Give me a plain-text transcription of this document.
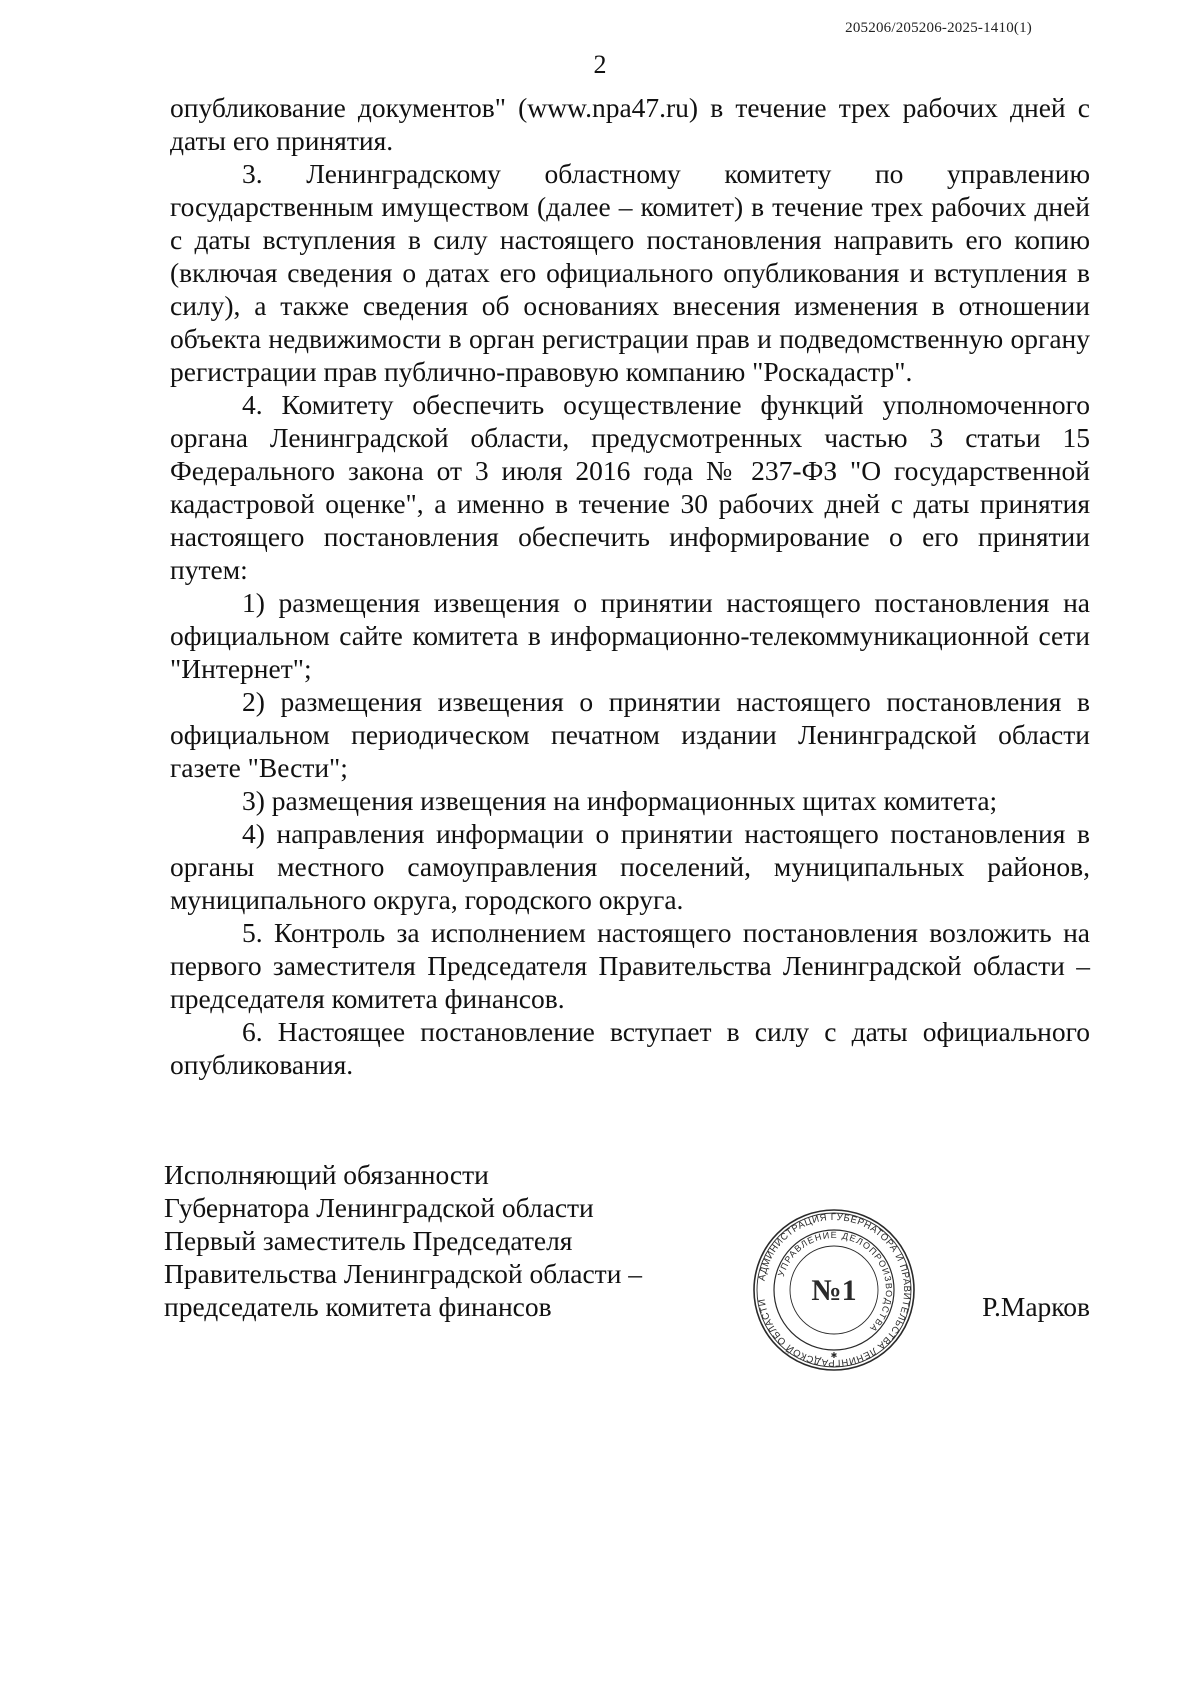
205206/205206-2025-1410(1)
2

опубликование документов" (www.npa47.ru) в течение трех рабочих дней с даты его принятия.

3. Ленинградскому областному комитету по управлению государственным имуществом (далее – комитет) в течение трех рабочих дней с даты вступления в силу настоящего постановления направить его копию (включая сведения о датах его официального опубликования и вступления в силу), а также сведения об основаниях внесения изменения в отношении объекта недвижимости в орган регистрации прав и подведомственную органу регистрации прав публично-правовую компанию "Роскадастр".

4. Комитету обеспечить осуществление функций уполномоченного органа Ленинградской области, предусмотренных частью 3 статьи 15 Федерального закона от 3 июля 2016 года № 237-ФЗ "О государственной кадастровой оценке", а именно в течение 30 рабочих дней с даты принятия настоящего постановления обеспечить информирование о его принятии путем:

1) размещения извещения о принятии настоящего постановления на официальном сайте комитета в информационно-телекоммуникационной сети "Интернет";

2) размещения извещения о принятии настоящего постановления в официальном периодическом печатном издании Ленинградской области газете "Вести";

3) размещения извещения на информационных щитах комитета;

4) направления информации о принятии настоящего постановления в органы местного самоуправления поселений, муниципальных районов, муниципального округа, городского округа.

5. Контроль за исполнением настоящего постановления возложить на первого заместителя Председателя Правительства Ленинградской области – председателя комитета финансов.

6. Настоящее постановление вступает в силу с даты официального опубликования.

Исполняющий обязанности
Губернатора Ленинградской области
Первый заместитель Председателя
Правительства Ленинградской области –
председатель комитета финансов
АДМИНИСТРАЦИЯ ГУБЕРНАТОРА И ПРАВИТЕЛЬСТВА ЛЕНИНГРАДСКОЙ ОБЛАСТИ
УПРАВЛЕНИЕ ДЕЛОПРОИЗВОДСТВА
№1
✱
Р.Марков
